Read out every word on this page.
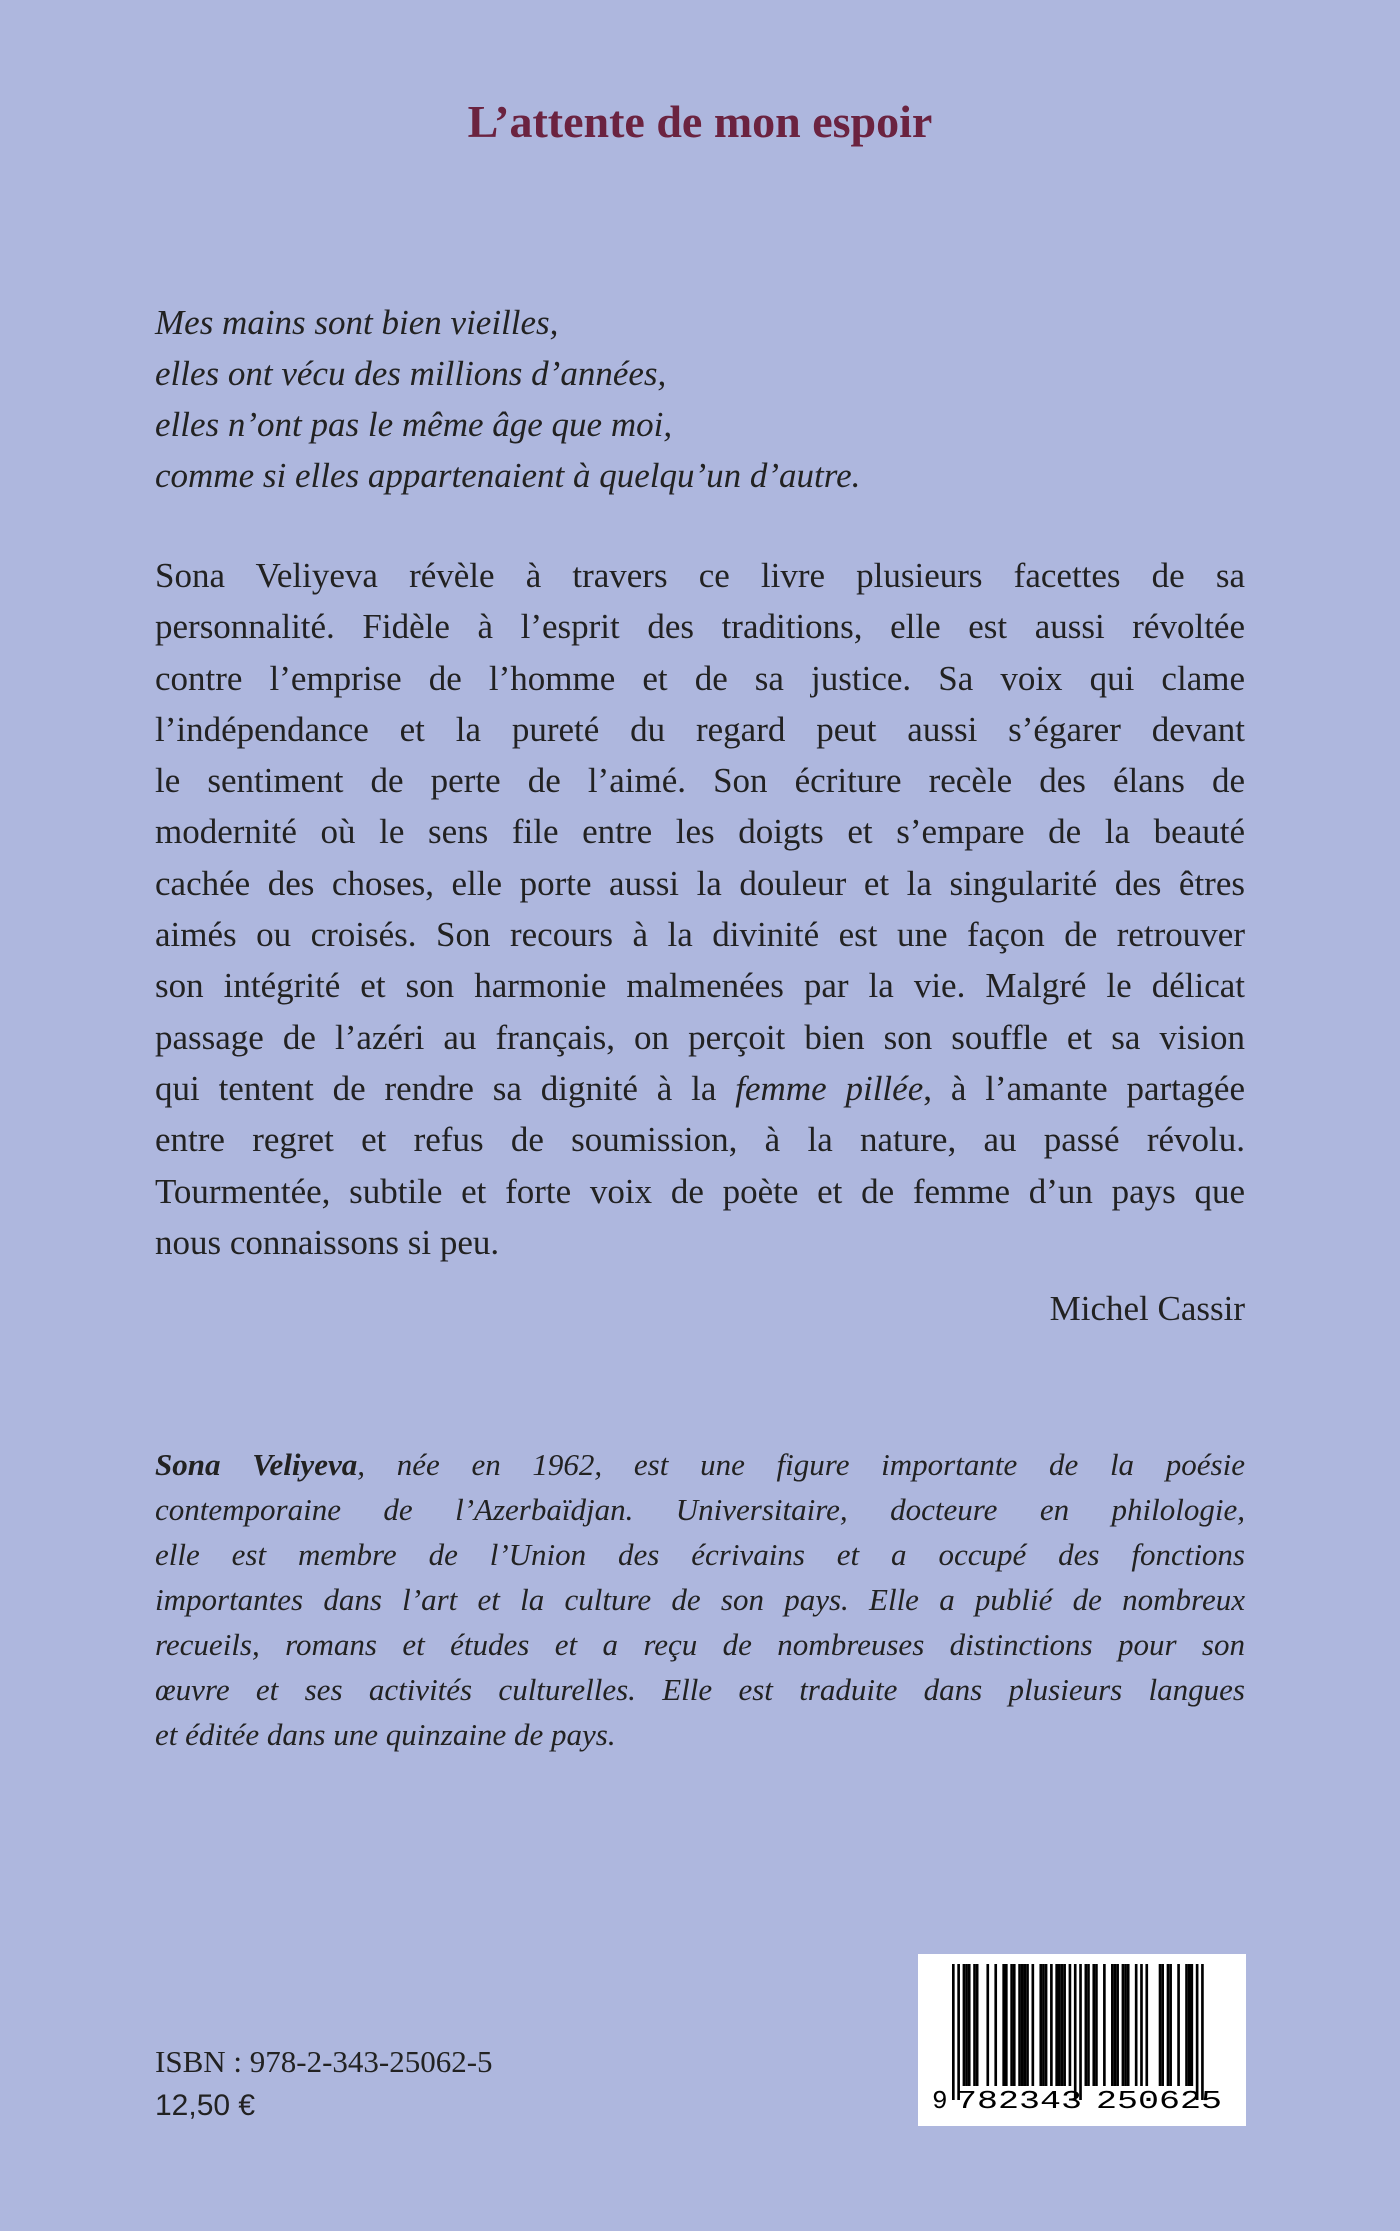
L’attente de mon espoir
Mes mains sont bien vieilles,
elles ont vécu des millions d’années,
elles n’ont pas le même âge que moi,
comme si elles appartenaient à quelqu’un d’autre.
Sona Veliyeva révèle à travers ce livre plusieurs facettes de sa
personnalité. Fidèle à l’esprit des traditions, elle est aussi révoltée
contre l’emprise de l’homme et de sa justice. Sa voix qui clame
l’indépendance et la pureté du regard peut aussi s’égarer devant
le sentiment de perte de l’aimé. Son écriture recèle des élans de
modernité où le sens file entre les doigts et s’empare de la beauté
cachée des choses, elle porte aussi la douleur et la singularité des êtres
aimés ou croisés. Son recours à la divinité est une façon de retrouver
son intégrité et son harmonie malmenées par la vie. Malgré le délicat
passage de l’azéri au français, on perçoit bien son souffle et sa vision
qui tentent de rendre sa dignité à la femme pillée, à l’amante partagée
entre regret et refus de soumission, à la nature, au passé révolu.
Tourmentée, subtile et forte voix de poète et de femme d’un pays que
nous connaissons si peu.
Michel Cassir
Sona Veliyeva, née en 1962, est une figure importante de la poésie
contemporaine de l’Azerbaïdjan. Universitaire, docteure en philologie,
elle est membre de l’Union des écrivains et a occupé des fonctions
importantes dans l’art et la culture de son pays. Elle a publié de nombreux
recueils, romans et études et a reçu de nombreuses distinctions pour son
œuvre et ses activités culturelles. Elle est traduite dans plusieurs langues
et éditée dans une quinzaine de pays.
ISBN : 978-2-343-25062-5
12,50 €	9 782343 250625
